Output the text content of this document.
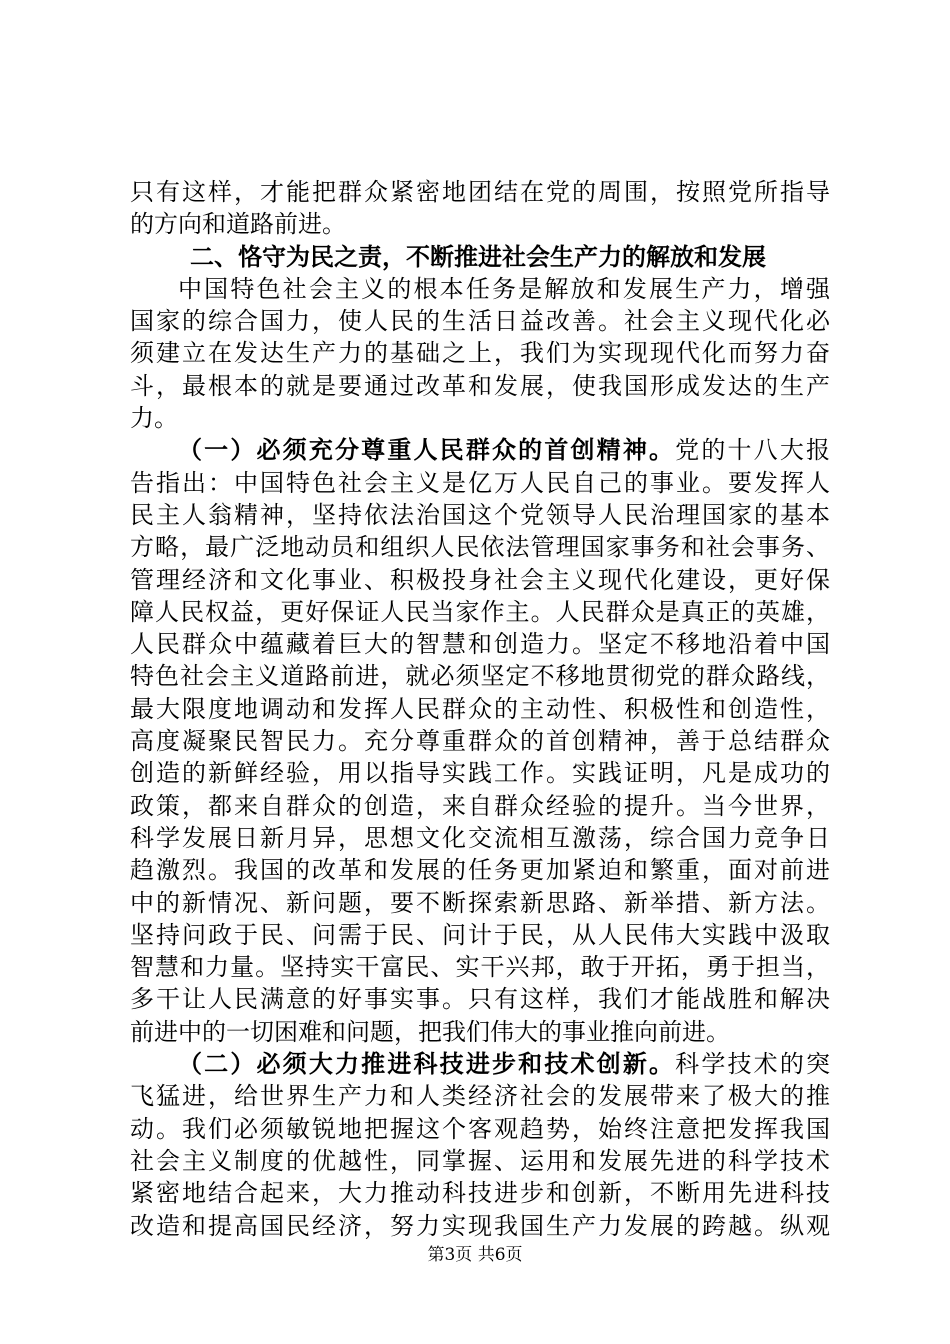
只有这样，才能把群众紧密地团结在党的周围，按照党所指导
的方向和道路前进。
二、恪守为民之责，不断推进社会生产力的解放和发展
中国特色社会主义的根本任务是解放和发展生产力，增强
国家的综合国力，使人民的生活日益改善。社会主义现代化必
须建立在发达生产力的基础之上，我们为实现现代化而努力奋
斗，最根本的就是要通过改革和发展，使我国形成发达的生产
力。
（一）必须充分尊重人民群众的首创精神。党的十八大报
告指出：中国特色社会主义是亿万人民自己的事业。要发挥人
民主人翁精神，坚持依法治国这个党领导人民治理国家的基本
方略，最广泛地动员和组织人民依法管理国家事务和社会事务、
管理经济和文化事业、积极投身社会主义现代化建设，更好保
障人民权益，更好保证人民当家作主。人民群众是真正的英雄，
人民群众中蕴藏着巨大的智慧和创造力。坚定不移地沿着中国
特色社会主义道路前进，就必须坚定不移地贯彻党的群众路线，
最大限度地调动和发挥人民群众的主动性、积极性和创造性，
高度凝聚民智民力。充分尊重群众的首创精神，善于总结群众
创造的新鲜经验，用以指导实践工作。实践证明，凡是成功的
政策，都来自群众的创造，来自群众经验的提升。当今世界，
科学发展日新月异，思想文化交流相互激荡，综合国力竞争日
趋激烈。我国的改革和发展的任务更加紧迫和繁重，面对前进
中的新情况、新问题，要不断探索新思路、新举措、新方法。
坚持问政于民、问需于民、问计于民，从人民伟大实践中汲取
智慧和力量。坚持实干富民、实干兴邦，敢于开拓，勇于担当，
多干让人民满意的好事实事。只有这样，我们才能战胜和解决
前进中的一切困难和问题，把我们伟大的事业推向前进。
（二）必须大力推进科技进步和技术创新。科学技术的突
飞猛进，给世界生产力和人类经济社会的发展带来了极大的推
动。我们必须敏锐地把握这个客观趋势，始终注意把发挥我国
社会主义制度的优越性，同掌握、运用和发展先进的科学技术
紧密地结合起来，大力推动科技进步和创新，不断用先进科技
改造和提高国民经济，努力实现我国生产力发展的跨越。纵观
第3页 共6页
